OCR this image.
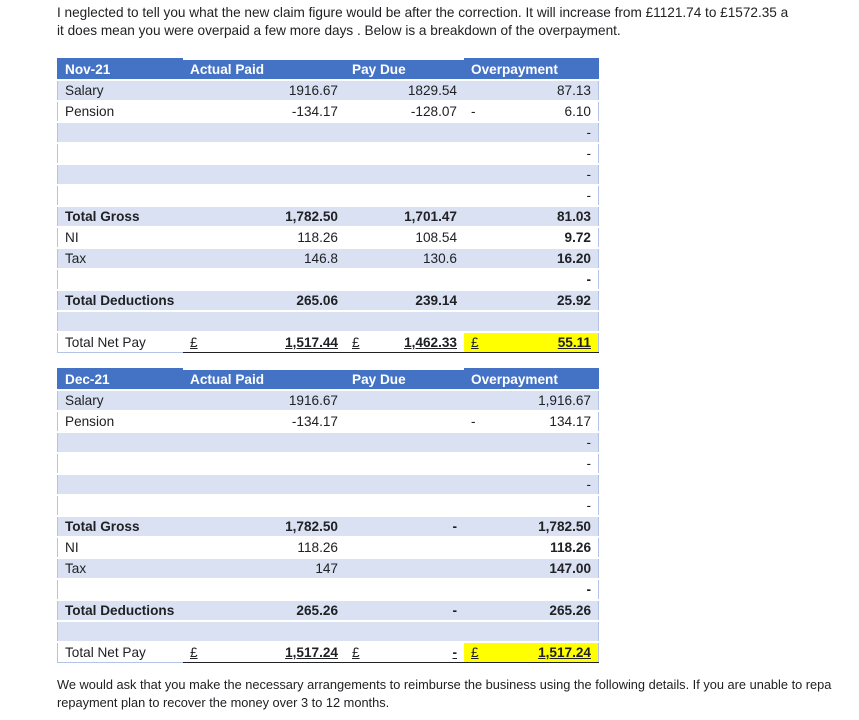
I neglected to tell you what the new claim figure would be after the correction. It will increase from £1121.74 to £1572.35 a
it does mean you were overpaid a few more days . Below is a breakdown of the overpayment.
Nov-21	Actual Paid	Pay Due	Overpayment
Salary	1916.67	1829.54	87.13
Pension	-134.17	-128.07	- 6.10
			-
			-
			-
			-
Total Gross	1,782.50	1,701.47	81.03
NI	118.26	108.54	9.72
Tax	146.8	130.6	16.20
			-
Total Deductions	265.06	239.14	25.92

Total Net Pay	£ 1,517.44	£ 1,462.33	£ 55.11
Dec-21	Actual Paid	Pay Due	Overpayment
Salary	1916.67		1,916.67
Pension	-134.17		- 134.17
			-
			-
			-
			-
Total Gross	1,782.50	-	1,782.50
NI	118.26		118.26
Tax	147		147.00
			-
Total Deductions	265.26	-	265.26

Total Net Pay	£ 1,517.24	£ -	£ 1,517.24
We would ask that you make the necessary arrangements to reimburse the business using the following details. If you are unable to repa
repayment plan to recover the money over 3 to 12 months.
